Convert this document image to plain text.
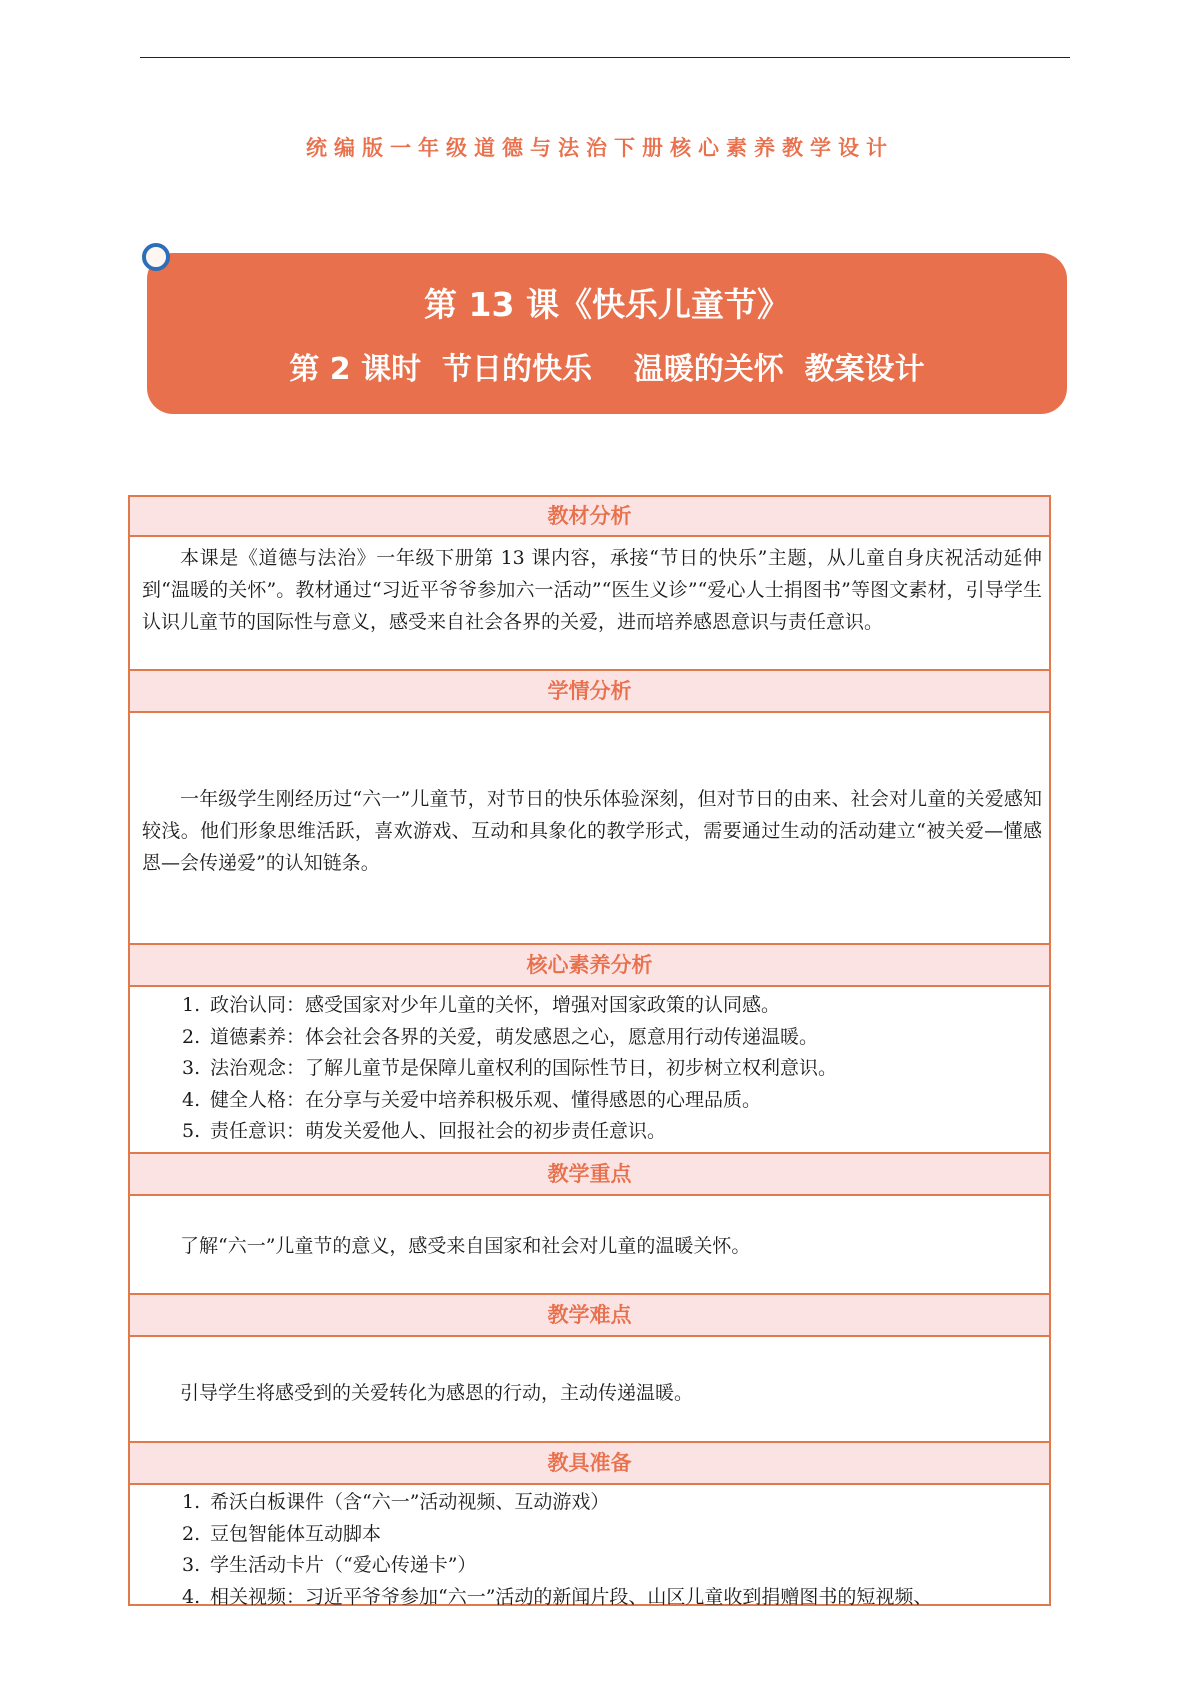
统编版一年级道德与法治下册核心素养教学设计
第 13 课《快乐儿童节》
第 2 课时  节日的快乐    温暖的关怀  教案设计
教材分析
本课是《道德与法治》一年级下册第 13 课内容，承接“节日的快乐”主题，从儿童自身庆祝活动延伸到“温暖的关怀”。教材通过“习近平爷爷参加六一活动”“医生义诊”“爱心人士捐图书”等图文素材，引导学生认识儿童节的国际性与意义，感受来自社会各界的关爱，进而培养感恩意识与责任意识。
学情分析
一年级学生刚经历过“六一”儿童节，对节日的快乐体验深刻，但对节日的由来、社会对儿童的关爱感知较浅。他们形象思维活跃，喜欢游戏、互动和具象化的教学形式，需要通过生动的活动建立“被关爱—懂感恩—会传递爱”的认知链条。
核心素养分析
1. 政治认同：感受国家对少年儿童的关怀，增强对国家政策的认同感。
2. 道德素养：体会社会各界的关爱，萌发感恩之心，愿意用行动传递温暖。
3. 法治观念：了解儿童节是保障儿童权利的国际性节日，初步树立权利意识。
4. 健全人格：在分享与关爱中培养积极乐观、懂得感恩的心理品质。
5. 责任意识：萌发关爱他人、回报社会的初步责任意识。
教学重点
了解“六一”儿童节的意义，感受来自国家和社会对儿童的温暖关怀。
教学难点
引导学生将感受到的关爱转化为感恩的行动，主动传递温暖。
教具准备
1. 希沃白板课件（含“六一”活动视频、互动游戏）
2. 豆包智能体互动脚本
3. 学生活动卡片（“爱心传递卡”）
4. 相关视频：习近平爷爷参加“六一”活动的新闻片段、山区儿童收到捐赠图书的短视频、
